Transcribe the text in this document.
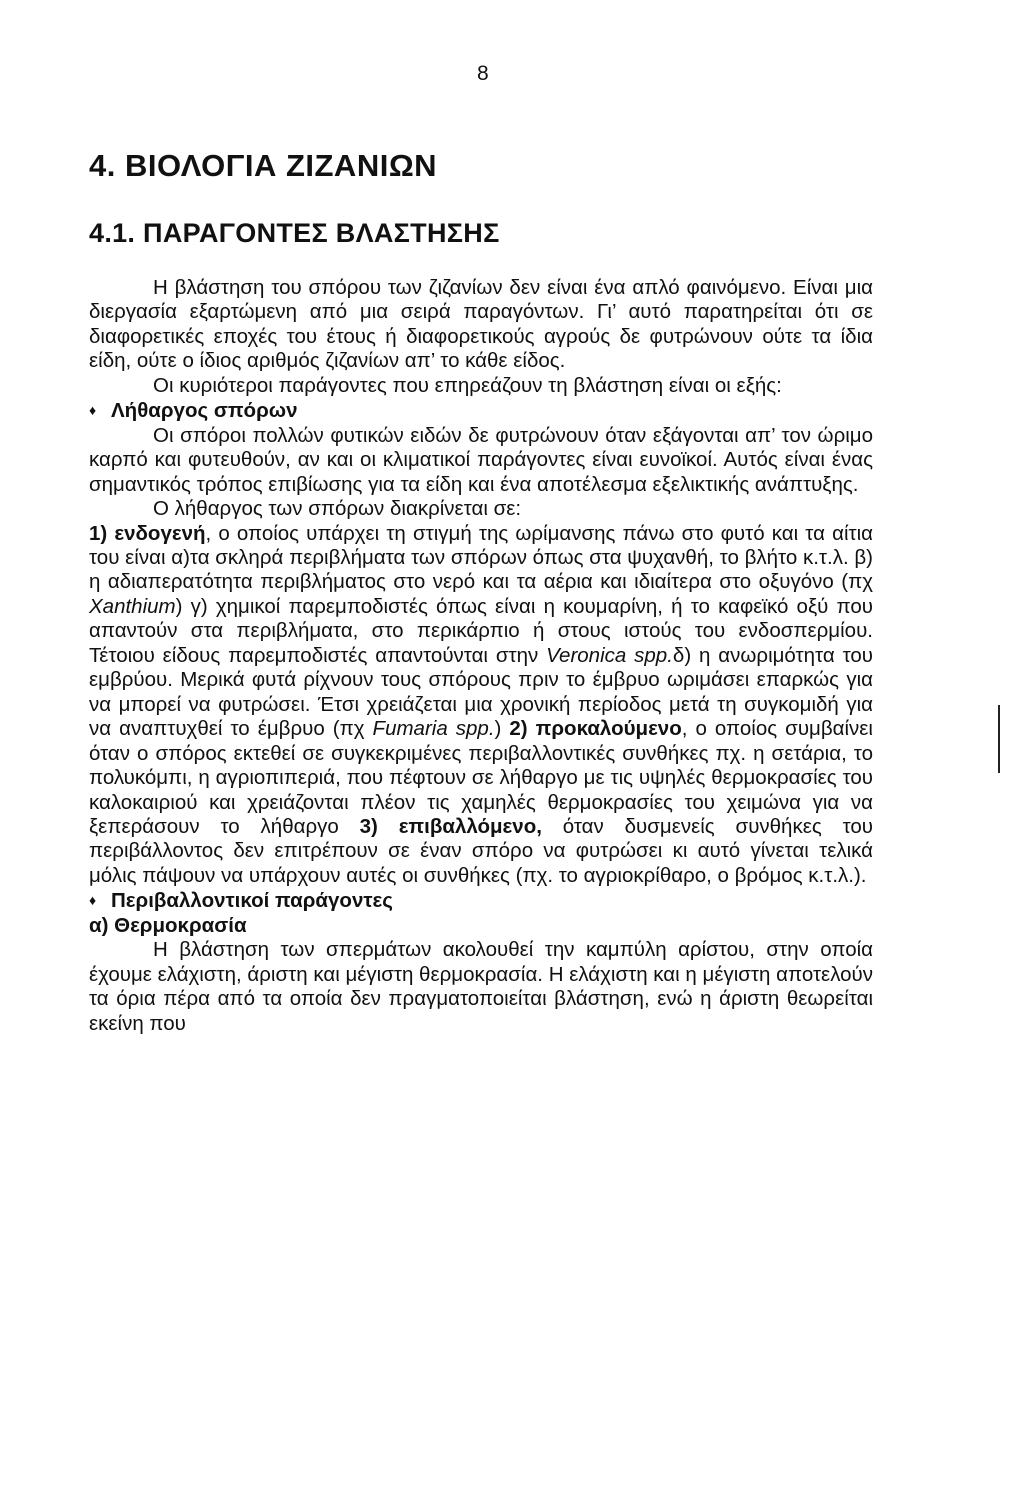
8
4. ΒΙΟΛΟΓΙΑ ΖΙΖΑΝΙΩΝ
4.1. ΠΑΡΑΓΟΝΤΕΣ ΒΛΑΣΤΗΣΗΣ

Η βλάστηση του σπόρου των ζιζανίων δεν είναι ένα απλό φαινόμενο. Είναι μια διεργασία εξαρτώμενη από μια σειρά παραγόντων. Γι’ αυτό παρατηρείται ότι σε διαφορετικές εποχές του έτους ή διαφορετικούς αγρούς δε φυτρώνουν ούτε τα ίδια είδη, ούτε ο ίδιος αριθμός ζιζανίων απ’ το κάθε είδος.

Οι κυριότεροι παράγοντες που επηρεάζουν τη βλάστηση είναι οι εξής:

♦ Λήθαργος σπόρων

Οι σπόροι πολλών φυτικών ειδών δε φυτρώνουν όταν εξάγονται απ’ τον ώριμο καρπό και φυτευθούν, αν και οι κλιματικοί παράγοντες είναι ευνοϊκοί. Αυτός είναι ένας σημαντικός τρόπος επιβίωσης για τα είδη και ένα αποτέλεσμα εξελικτικής ανάπτυξης.

Ο λήθαργος των σπόρων διακρίνεται σε:

1) ενδογενή, ο οποίος υπάρχει τη στιγμή της ωρίμανσης πάνω στο φυτό και τα αίτια του είναι α)τα σκληρά περιβλήματα των σπόρων όπως στα ψυχανθή, το βλήτο κ.τ.λ. β) η αδιαπερατότητα περιβλήματος στο νερό και τα αέρια και ιδιαίτερα στο οξυγόνο (πχ Xanthium) γ) χημικοί παρεμποδιστές όπως είναι η κουμαρίνη, ή το καφεϊκό οξύ που απαντούν στα περιβλήματα, στο περικάρπιο ή στους ιστούς του ενδοσπερμίου. Τέτοιου είδους παρεμποδιστές απαντούνται στην Veronica spp.δ) η ανωριμότητα του εμβρύου. Μερικά φυτά ρίχνουν τους σπόρους πριν το έμβρυο ωριμάσει επαρκώς για να μπορεί να φυτρώσει. Έτσι χρειάζεται μια χρονική περίοδος μετά τη συγκομιδή για να αναπτυχθεί το έμβρυο (πχ Fumaria spp.) 2) προκαλούμενο, ο οποίος συμβαίνει όταν ο σπόρος εκτεθεί σε συγκεκριμένες περιβαλλοντικές συνθήκες πχ. η σετάρια, το πολυκόμπι, η αγριοπιπεριά, που πέφτουν σε λήθαργο με τις υψηλές θερμοκρασίες του καλοκαιριού και χρειάζονται πλέον τις χαμηλές θερμοκρασίες του χειμώνα για να ξεπεράσουν το λήθαργο 3) επιβαλλόμενο, όταν δυσμενείς συνθήκες του περιβάλλοντος δεν επιτρέπουν σε έναν σπόρο να φυτρώσει κι αυτό γίνεται τελικά μόλις πάψουν να υπάρχουν αυτές οι συνθήκες (πχ. το αγριοκρίθαρο, ο βρόμος κ.τ.λ.).

♦ Περιβαλλοντικοί παράγοντες

α) Θερμοκρασία

Η βλάστηση των σπερμάτων ακολουθεί την καμπύλη αρίστου, στην οποία έχουμε ελάχιστη, άριστη και μέγιστη θερμοκρασία. Η ελάχιστη και η μέγιστη αποτελούν τα όρια πέρα από τα οποία δεν πραγματοποιείται βλάστηση, ενώ η άριστη θεωρείται εκείνη που
